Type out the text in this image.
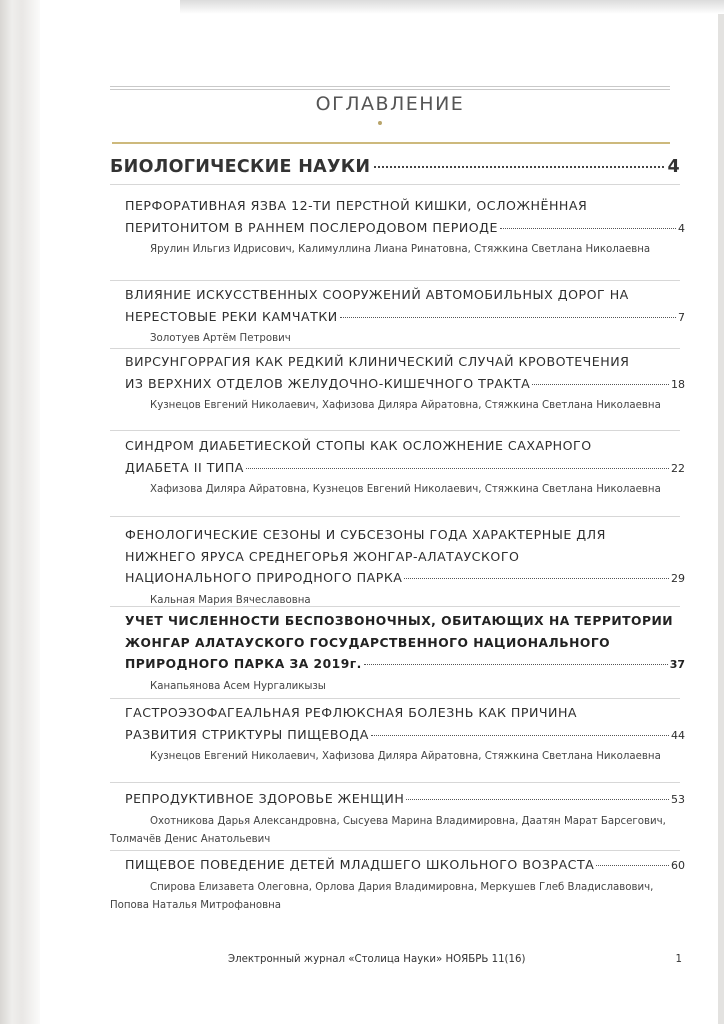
ОГЛАВЛЕНИЕ
БИОЛОГИЧЕСКИЕ НАУКИ	4
ПЕРФОРАТИВНАЯ ЯЗВА 12-ТИ ПЕРСТНОЙ КИШКИ, ОСЛОЖНЁННАЯ
ПЕРИТОНИТОМ В РАННЕМ ПОСЛЕРОДОВОМ ПЕРИОДЕ	4
Ярулин Ильгиз Идрисович, Калимуллина Лиана Ринатовна, Стяжкина Светлана Николаевна
ВЛИЯНИЕ ИСКУССТВЕННЫХ СООРУЖЕНИЙ АВТОМОБИЛЬНЫХ ДОРОГ НА
НЕРЕСТОВЫЕ РЕКИ КАМЧАТКИ	7
Золотуев Артём Петрович
ВИРСУНГОРРАГИЯ КАК РЕДКИЙ КЛИНИЧЕСКИЙ СЛУЧАЙ КРОВОТЕЧЕНИЯ
ИЗ ВЕРХНИХ ОТДЕЛОВ ЖЕЛУДОЧНО-КИШЕЧНОГО ТРАКТА	18
Кузнецов Евгений Николаевич, Хафизова Диляра Айратовна, Стяжкина Светлана Николаевна
СИНДРОМ ДИАБЕТИЕСКОЙ СТОПЫ КАК ОСЛОЖНЕНИЕ САХАРНОГО
ДИАБЕТА II ТИПА	22
Хафизова Диляра Айратовна, Кузнецов Евгений Николаевич, Стяжкина Светлана Николаевна
ФЕНОЛОГИЧЕСКИЕ СЕЗОНЫ И СУБСЕЗОНЫ ГОДА ХАРАКТЕРНЫЕ ДЛЯ
НИЖНЕГО ЯРУСА СРЕДНЕГОРЬЯ ЖОНГАР-АЛАТАУСКОГО
НАЦИОНАЛЬНОГО ПРИРОДНОГО ПАРКА	29
Кальная Мария Вячеславовна
УЧЕТ ЧИСЛЕННОСТИ БЕСПОЗВОНОЧНЫХ, ОБИТАЮЩИХ НА ТЕРРИТОРИИ
ЖОНГАР АЛАТАУСКОГО ГОСУДАРСТВЕННОГО НАЦИОНАЛЬНОГО
ПРИРОДНОГО ПАРКА ЗА 2019г.	37
Канапьянова Асем Нургаликызы
ГАСТРОЭЗОФАГЕАЛЬНАЯ РЕФЛЮКСНАЯ БОЛЕЗНЬ КАК ПРИЧИНА
РАЗВИТИЯ СТРИКТУРЫ ПИЩЕВОДА	44
Кузнецов Евгений Николаевич, Хафизова Диляра Айратовна, Стяжкина Светлана Николаевна
РЕПРОДУКТИВНОЕ ЗДОРОВЬЕ ЖЕНЩИН	53
Охотникова Дарья Александровна, Сысуева Марина Владимировна, Даатян Марат Барсегович, Толмачёв Денис Анатольевич
ПИЩЕВОЕ ПОВЕДЕНИЕ ДЕТЕЙ МЛАДШЕГО ШКОЛЬНОГО ВОЗРАСТА	60
Спирова Елизавета Олеговна, Орлова Дария Владимировна, Меркушев Глеб Владиславович, Попова Наталья Митрофановна
Электронный журнал «Столица Науки» НОЯБРЬ 11(16)	1
